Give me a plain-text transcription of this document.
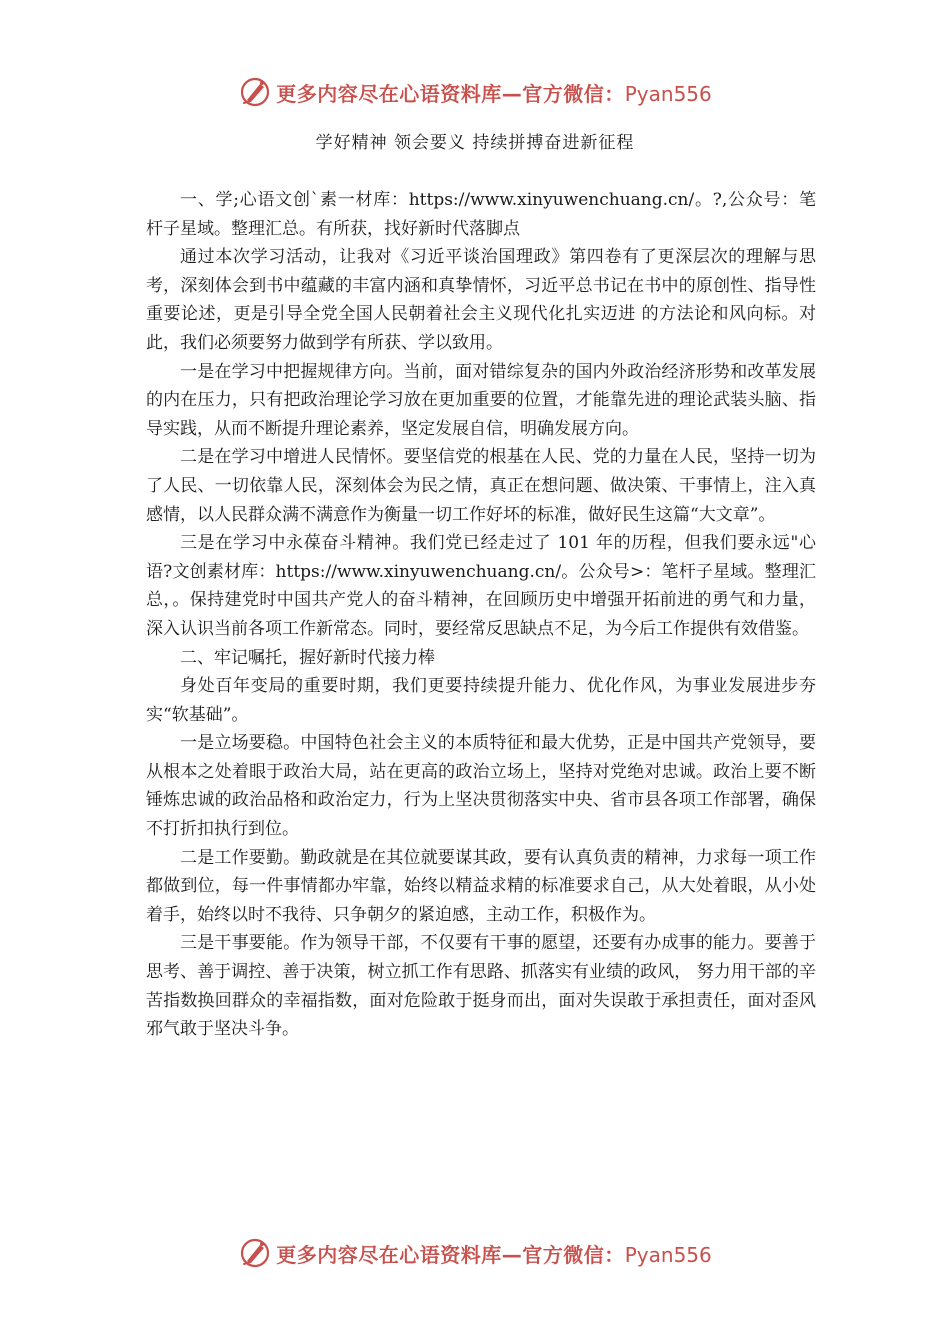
更多内容尽在心语资料库—官方微信：Pyan556
学好精神 领会要义 持续拼搏奋进新征程

一、学;心语文创`素一材库：https://www.xinyuwenchuang.cn/。?,公众号：笔杆子星域。整理汇总。有所获，找好新时代落脚点

通过本次学习活动，让我对《习近平谈治国理政》第四卷有了更深层次的理解与思考，深刻体会到书中蕴藏的丰富内涵和真挚情怀，习近平总书记在书中的原创性、指导性重要论述，更是引导全党全国人民朝着社会主义现代化扎实迈进 的方法论和风向标。对此，我们必须要努力做到学有所获、学以致用。

一是在学习中把握规律方向。当前，面对错综复杂的国内外政治经济形势和改革发展的内在压力，只有把政治理论学习放在更加重要的位置，才能靠先进的理论武装头脑、指导实践，从而不断提升理论素养，坚定发展自信，明确发展方向。

二是在学习中增进人民情怀。要坚信党的根基在人民、党的力量在人民，坚持一切为了人民、一切依靠人民，深刻体会为民之情，真正在想问题、做决策、干事情上，注入真感情，以人民群众满不满意作为衡量一切工作好坏的标准，做好民生这篇“大文章”。

三是在学习中永葆奋斗精神。我们党已经走过了 101 年的历程，但我们要永远"心语?文创素材库：https://www.xinyuwenchuang.cn/。公众号>：笔杆子星域。整理汇总，。保持建党时中国共产党人的奋斗精神，在回顾历史中增强开拓前进的勇气和力量，深入认识当前各项工作新常态。同时，要经常反思缺点不足，为今后工作提供有效借鉴。

二、牢记嘱托，握好新时代接力棒

身处百年变局的重要时期，我们更要持续提升能力、优化作风，为事业发展进步夯实“软基础”。

一是立场要稳。中国特色社会主义的本质特征和最大优势，正是中国共产党领导，要从根本之处着眼于政治大局，站在更高的政治立场上，坚持对党绝对忠诚。政治上要不断锤炼忠诚的政治品格和政治定力，行为上坚决贯彻落实中央、省市县各项工作部署，确保不打折扣执行到位。

二是工作要勤。勤政就是在其位就要谋其政，要有认真负责的精神，力求每一项工作都做到位，每一件事情都办牢靠，始终以精益求精的标准要求自己，从大处着眼，从小处着手，始终以时不我待、只争朝夕的紧迫感，主动工作，积极作为。

三是干事要能。作为领导干部，不仅要有干事的愿望，还要有办成事的能力。要善于思考、善于调控、善于决策，树立抓工作有思路、抓落实有业绩的政风， 努力用干部的辛苦指数换回群众的幸福指数，面对危险敢于挺身而出，面对失误敢于承担责任，面对歪风邪气敢于坚决斗争。

更多内容尽在心语资料库—官方微信：Pyan556
